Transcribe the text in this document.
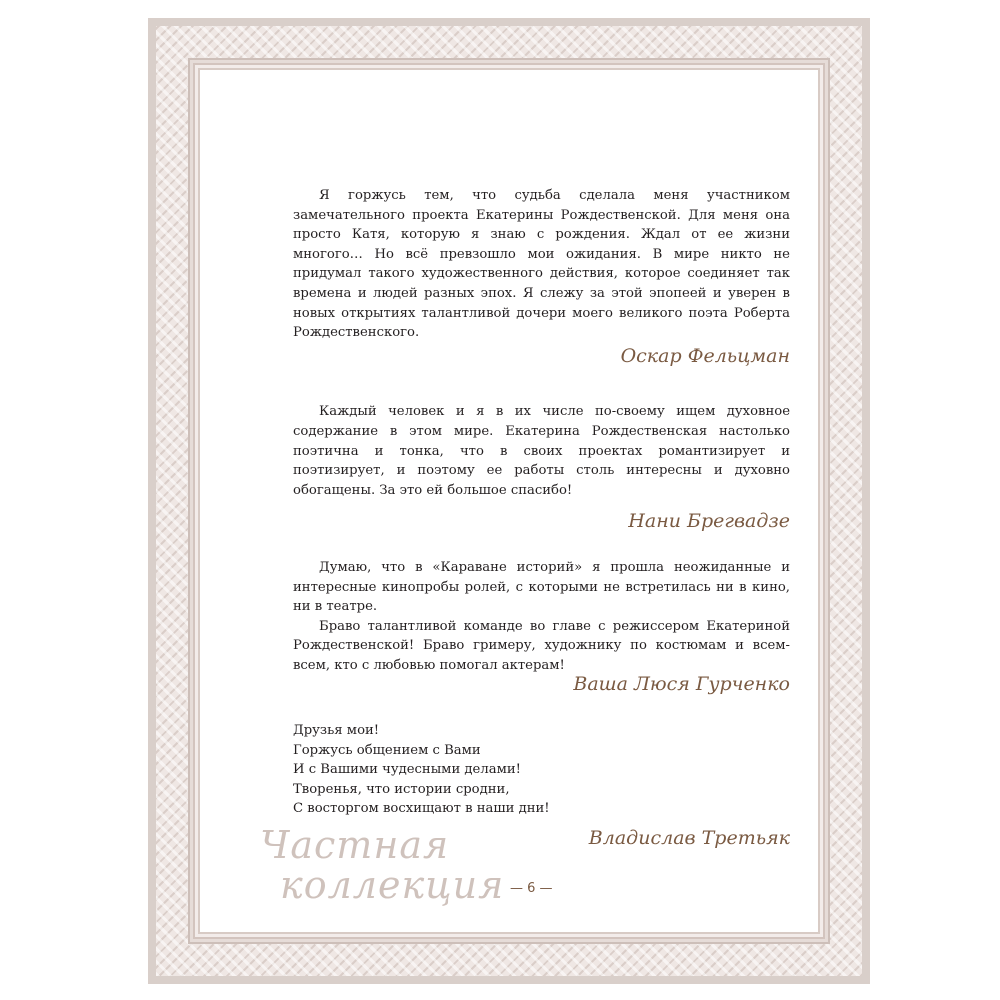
Я горжусь тем, что судьба сделала меня участником замечательного проекта Екатерины Рождественской. Для меня она просто Катя, которую я знаю с рождения. Ждал от ее жизни многого… Но всё превзошло мои ожидания. В мире никто не придумал такого художественного действия, которое соединяет так времена и людей разных эпох. Я слежу за этой эпопеей и уверен в новых открытиях талантливой дочери моего великого поэта Роберта Рождественского.

Оскар Фельцман

Каждый человек и я в их числе по-своему ищем духовное содержание в этом мире. Екатерина Рождественская настолько поэтична и тонка, что в своих проектах романтизирует и поэтизирует, и поэтому ее работы столь интересны и духовно обогащены. За это ей большое спасибо!

Нани Брегвадзе

Думаю, что в «Караване историй» я прошла неожиданные и интересные кинопробы ролей, с которыми не встретилась ни в кино, ни в театре.

Браво талантливой команде во главе с режиссером Екатериной Рождественской! Браво гримеру, художнику по костюмам и всем-всем, кто с любовью помогал актерам!

Ваша Люся Гурченко

Друзья мои!
Горжусь общением с Вами
И с Вашими чудесными делами!
Творенья, что истории сродни,
С восторгом восхищают в наши дни!

Владислав Третьяк

Частная
коллекция — 6 —
